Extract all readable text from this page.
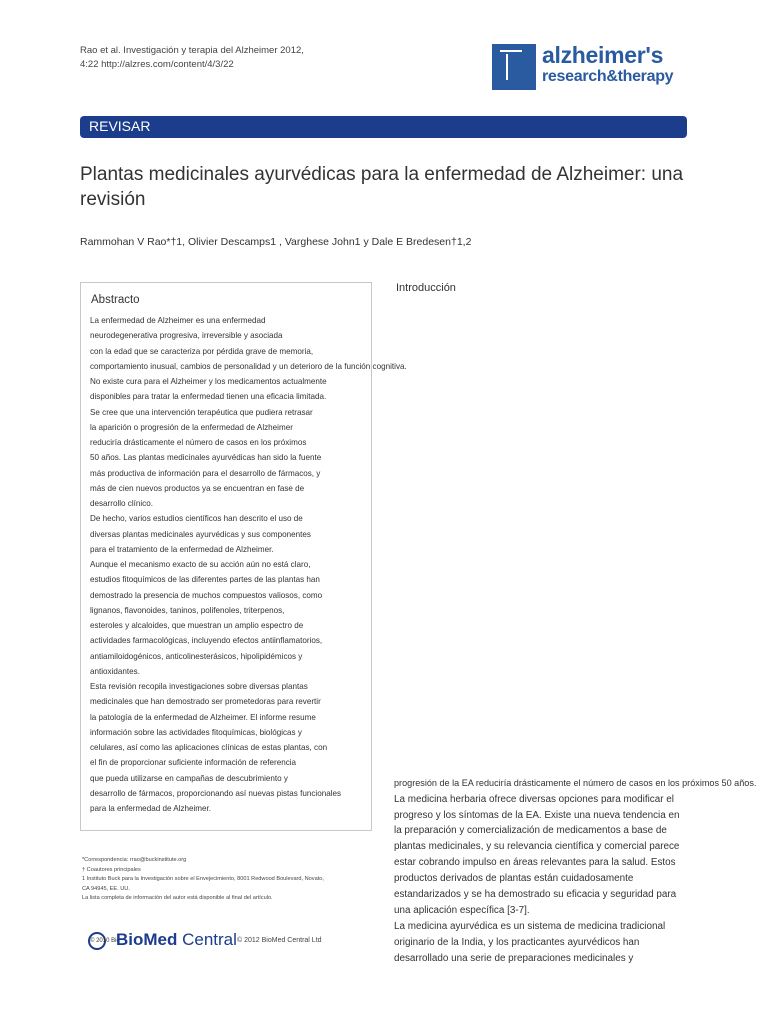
Rao et al. Investigación y terapia del Alzheimer 2012,
4:22 http://alzres.com/content/4/3/22	alzheimer's
research&therapy
REVISAR
Plantas medicinales ayurvédicas para la enfermedad de Alzheimer: una revisión
Rammohan V Rao*†1, Olivier Descamps1 , Varghese John1 y Dale E Bredesen†1,2
Abstracto
La enfermedad de Alzheimer es una enfermedad
neurodegenerativa progresiva, irreversible y asociada
con la edad que se caracteriza por pérdida grave de memoria,
comportamiento inusual, cambios de personalidad y un deterioro de la función cognitiva.
No existe cura para el Alzheimer y los medicamentos actualmente
disponibles para tratar la enfermedad tienen una eficacia limitada.
Se cree que una intervención terapéutica que pudiera retrasar
la aparición o progresión de la enfermedad de Alzheimer
reduciría drásticamente el número de casos en los próximos
50 años. Las plantas medicinales ayurvédicas han sido la fuente
más productiva de información para el desarrollo de fármacos, y
más de cien nuevos productos ya se encuentran en fase de
desarrollo clínico.
De hecho, varios estudios científicos han descrito el uso de
diversas plantas medicinales ayurvédicas y sus componentes
para el tratamiento de la enfermedad de Alzheimer.
Aunque el mecanismo exacto de su acción aún no está claro,
estudios fitoquímicos de las diferentes partes de las plantas han
demostrado la presencia de muchos compuestos valiosos, como
lignanos, flavonoides, taninos, polifenoles, triterpenos,
esteroles y alcaloides, que muestran un amplio espectro de
actividades farmacológicas, incluyendo efectos antiinflamatorios,
antiamiloidogénicos, anticolinesterásicos, hipolipidémicos y
antioxidantes.
Esta revisión recopila investigaciones sobre diversas plantas
medicinales que han demostrado ser prometedoras para revertir
la patología de la enfermedad de Alzheimer. El informe resume
información sobre las actividades fitoquímicas, biológicas y
celulares, así como las aplicaciones clínicas de estas plantas, con
el fin de proporcionar suficiente información de referencia
que pueda utilizarse en campañas de descubrimiento y
desarrollo de fármacos, proporcionando así nuevas pistas funcionales
para la enfermedad de Alzheimer.
Introducción
progresión de la EA reduciría drásticamente el número de casos en los próximos 50 años.
La medicina herbaria ofrece diversas opciones para modificar el
progreso y los síntomas de la EA. Existe una nueva tendencia en
la preparación y comercialización de medicamentos a base de
plantas medicinales, y su relevancia científica y comercial parece
estar cobrando impulso en áreas relevantes para la salud. Estos
productos derivados de plantas están cuidadosamente
estandarizados y se ha demostrado su eficacia y seguridad para
una aplicación específica [3-7].
La medicina ayurvédica es un sistema de medicina tradicional
originario de la India, y los practicantes ayurvédicos han
desarrollado una serie de preparaciones medicinales y
*Correspondencia: rrao@buckinstitute.org
† Coautores principales
1 Instituto Buck para la Investigación sobre el Envejecimiento, 8001 Redwood Boulevard, Novato,
CA 94945, EE. UU.
La lista completa de información del autor está disponible al final del artículo.
© 2010 Bio
BioMed Central © 2012 BioMed Central Ltd
